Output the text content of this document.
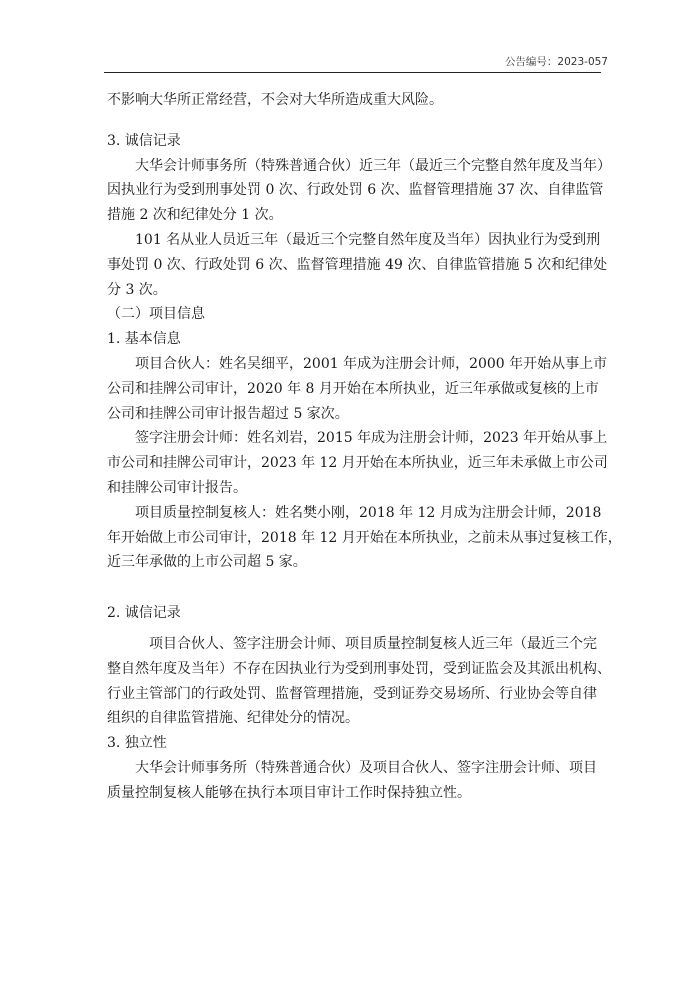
公告编号：2023-057

不影响大华所正常经营，不会对大华所造成重大风险。

3. 诚信记录

大华会计师事务所（特殊普通合伙）近三年（最近三个完整自然年度及当年）

因执业行为受到刑事处罚 0 次、行政处罚 6 次、监督管理措施 37 次、自律监管

措施 2 次和纪律处分 1 次。

101 名从业人员近三年（最近三个完整自然年度及当年）因执业行为受到刑

事处罚 0 次、行政处罚 6 次、监督管理措施 49 次、自律监管措施 5 次和纪律处

分 3 次。

（二）项目信息

1. 基本信息

项目合伙人：姓名吴细平，2001 年成为注册会计师，2000 年开始从事上市

公司和挂牌公司审计，2020 年 8 月开始在本所执业，近三年承做或复核的上市

公司和挂牌公司审计报告超过 5 家次。

签字注册会计师：姓名刘岩，2015 年成为注册会计师，2023 年开始从事上

市公司和挂牌公司审计，2023 年 12 月开始在本所执业，近三年未承做上市公司

和挂牌公司审计报告。

项目质量控制复核人：姓名樊小刚，2018 年 12 月成为注册会计师，2018

年开始做上市公司审计，2018 年 12 月开始在本所执业，之前未从事过复核工作，

近三年承做的上市公司超 5 家。

2. 诚信记录

项目合伙人、签字注册会计师、项目质量控制复核人近三年（最近三个完

整自然年度及当年）不存在因执业行为受到刑事处罚，受到证监会及其派出机构、

行业主管部门的行政处罚、监督管理措施，受到证券交易场所、行业协会等自律

组织的自律监管措施、纪律处分的情况。

3. 独立性

大华会计师事务所（特殊普通合伙）及项目合伙人、签字注册会计师、项目

质量控制复核人能够在执行本项目审计工作时保持独立性。
